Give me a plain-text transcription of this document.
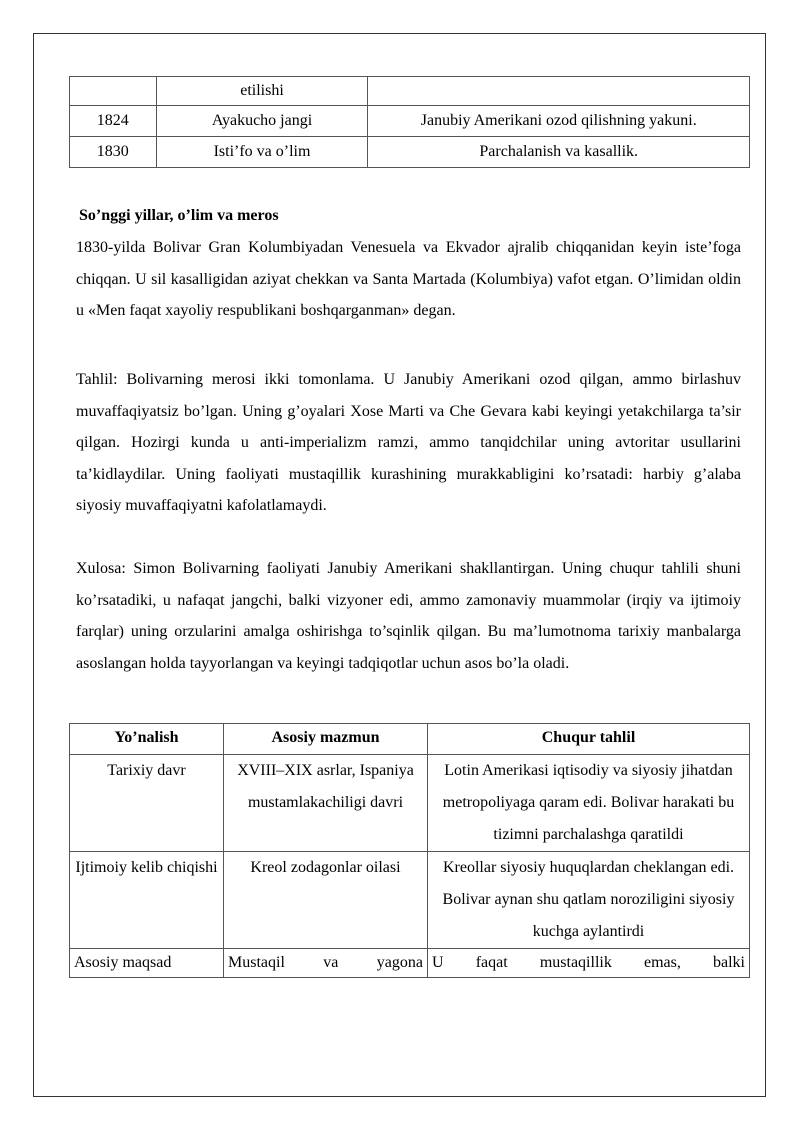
	etilishi	
1824	Ayakucho jangi	Janubiy Amerikani ozod qilishning yakuni.
1830	Isti’fo va o’lim	Parchalanish va kasallik.

So’nggi yillar, o’lim va meros

1830-yilda Bolivar Gran Kolumbiyadan Venesuela va Ekvador ajralib chiqqanidan keyin iste’foga chiqqan. U sil kasalligidan aziyat chekkan va Santa Martada (Kolumbiya) vafot etgan. O’limidan oldin u «Men faqat xayoliy respublikani boshqarganman» degan.

Tahlil: Bolivarning merosi ikki tomonlama. U Janubiy Amerikani ozod qilgan, ammo birlashuv muvaffaqiyatsiz bo’lgan. Uning g’oyalari Xose Marti va Che Gevara kabi keyingi yetakchilarga ta’sir qilgan. Hozirgi kunda u anti-imperializm ramzi, ammo tanqidchilar uning avtoritar usullarini ta’kidlaydilar. Uning faoliyati mustaqillik kurashining murakkabligini ko’rsatadi: harbiy g’alaba siyosiy muvaffaqiyatni kafolatlamaydi.

Xulosa: Simon Bolivarning faoliyati Janubiy Amerikani shakllantirgan. Uning chuqur tahlili shuni ko’rsatadiki, u nafaqat jangchi, balki vizyoner edi, ammo zamonaviy muammolar (irqiy va ijtimoiy farqlar) uning orzularini amalga oshirishga to’sqinlik qilgan. Bu ma’lumotnoma tarixiy manbalarga asoslangan holda tayyorlangan va keyingi tadqiqotlar uchun asos bo’la oladi.

Yo’nalish	Asosiy mazmun	Chuqur tahlil
Tarixiy davr	XVIII–XIX asrlar, Ispaniya mustamlakachiligi davri	Lotin Amerikasi iqtisodiy va siyosiy jihatdan metropoliyaga qaram edi. Bolivar harakati bu tizimni parchalashga qaratildi
Ijtimoiy kelib chiqishi	Kreol zodagonlar oilasi	Kreollar siyosiy huquqlardan cheklangan edi. Bolivar aynan shu qatlam noroziligini siyosiy kuchga aylantirdi
Asosiy maqsad	Mustaqil va yagona	U faqat mustaqillik emas, balki
